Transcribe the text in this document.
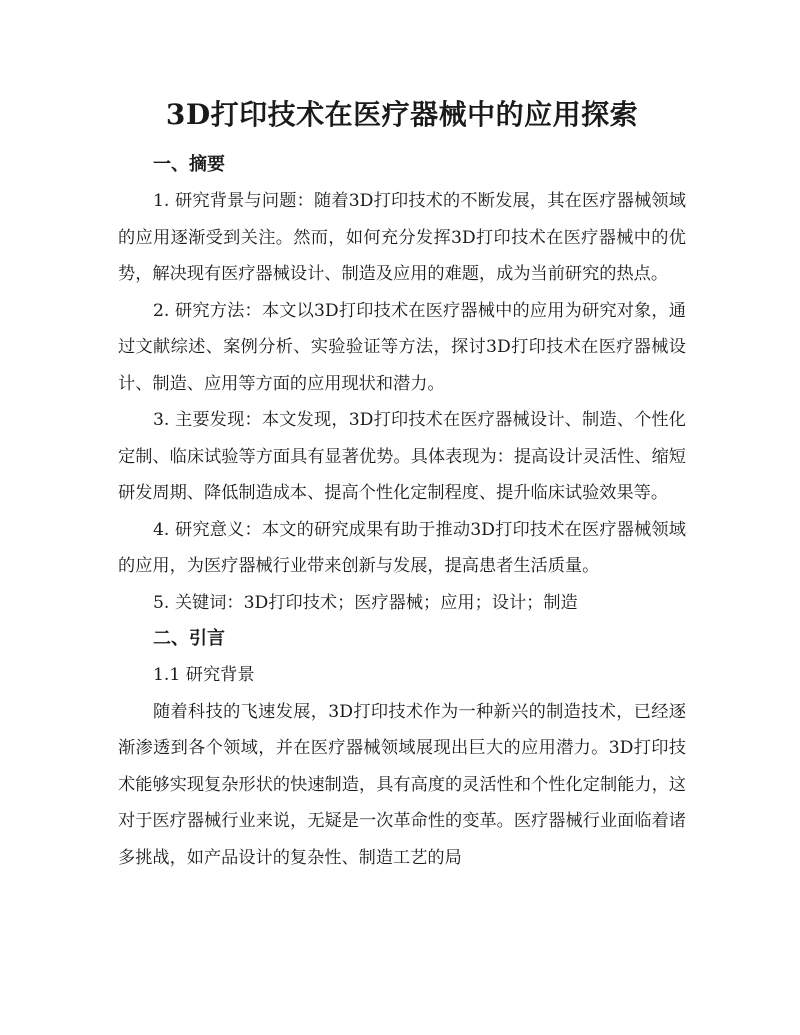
3D打印技术在医疗器械中的应用探索
一、摘要

1. 研究背景与问题：随着3D打印技术的不断发展，其在医疗器械领域的应用逐渐受到关注。然而，如何充分发挥3D打印技术在医疗器械中的优势，解决现有医疗器械设计、制造及应用的难题，成为当前研究的热点。

2. 研究方法：本文以3D打印技术在医疗器械中的应用为研究对象，通过文献综述、案例分析、实验验证等方法，探讨3D打印技术在医疗器械设计、制造、应用等方面的应用现状和潜力。

3. 主要发现：本文发现，3D打印技术在医疗器械设计、制造、个性化定制、临床试验等方面具有显著优势。具体表现为：提高设计灵活性、缩短研发周期、降低制造成本、提高个性化定制程度、提升临床试验效果等。

4. 研究意义：本文的研究成果有助于推动3D打印技术在医疗器械领域的应用，为医疗器械行业带来创新与发展，提高患者生活质量。

5. 关键词：3D打印技术；医疗器械；应用；设计；制造

二、引言
1.1 研究背景

随着科技的飞速发展，3D打印技术作为一种新兴的制造技术，已经逐渐渗透到各个领域，并在医疗器械领域展现出巨大的应用潜力。3D打印技术能够实现复杂形状的快速制造，具有高度的灵活性和个性化定制能力，这对于医疗器械行业来说，无疑是一次革命性的变革。医疗器械行业面临着诸多挑战，如产品设计的复杂性、制造工艺的局
